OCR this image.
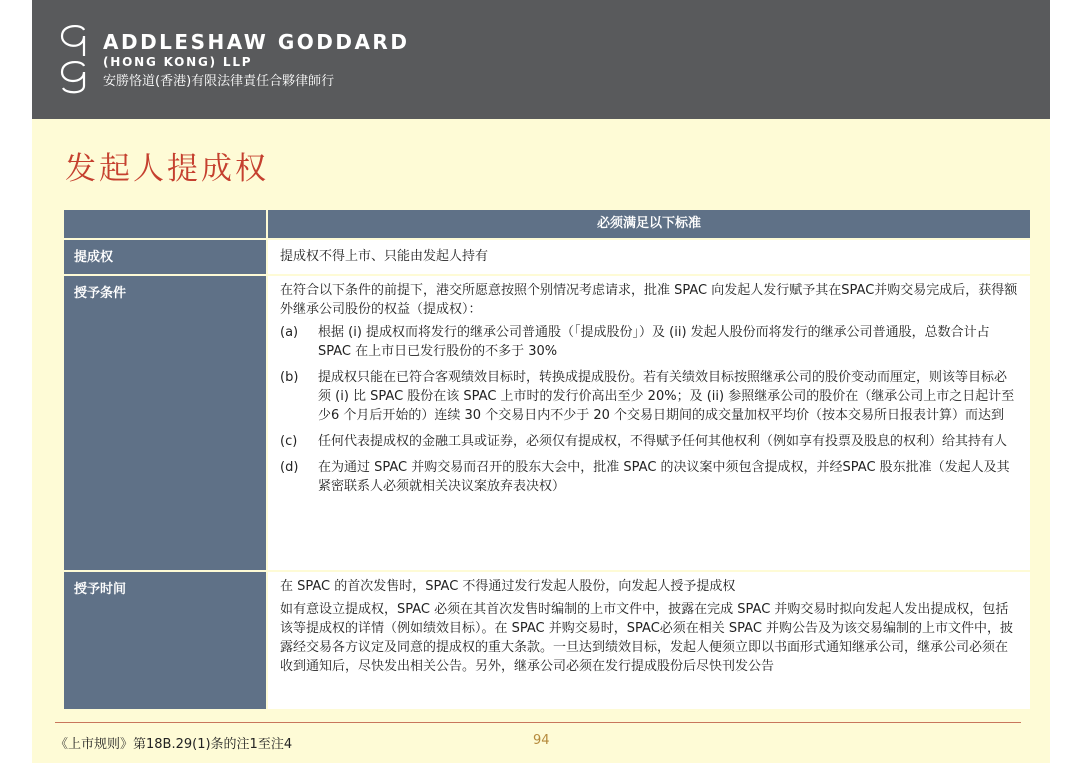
ADDLESHAW GODDARD
(HONG KONG) LLP
安勝恪道(香港)有限法律責任合夥律師行
发起人提成权
必须满足以下标准
提成权	提成权不得上市、只能由发起人持有
授予条件	在符合以下条件的前提下，港交所愿意按照个别情况考虑请求，批准 SPAC 向发起人发行赋予其在SPAC并购交易完成后，获得额外继承公司股份的权益（提成权）：

(a)	根据 (i) 提成权而将发行的继承公司普通股（「提成股份」）及 (ii) 发起人股份而将发行的继承公司普通股，总数合计占 SPAC 在上市日已发行股份的不多于 30%
(b)	提成权只能在已符合客观绩效目标时，转换成提成股份。若有关绩效目标按照继承公司的股价变动而厘定，则该等目标必须 (i) 比 SPAC 股份在该 SPAC 上市时的发行价高出至少 20%；及 (ii) 参照继承公司的股价在（继承公司上市之日起计至少6 个月后开始的）连续 30 个交易日内不少于 20 个交易日期间的成交量加权平均价（按本交易所日报表计算）而达到
(c)	任何代表提成权的金融工具或证券，必须仅有提成权，不得赋予任何其他权利（例如享有投票及股息的权利）给其持有人
(d)	在为通过 SPAC 并购交易而召开的股东大会中，批准 SPAC 的决议案中须包含提成权，并经SPAC 股东批准（发起人及其紧密联系人必须就相关决议案放弃表决权）
授予时间	在 SPAC 的首次发售时，SPAC 不得通过发行发起人股份，向发起人授予提成权

如有意设立提成权，SPAC 必须在其首次发售时编制的上市文件中，披露在完成 SPAC 并购交易时拟向发起人发出提成权，包括该等提成权的详情（例如绩效目标）。在 SPAC 并购交易时，SPAC必须在相关 SPAC 并购公告及为该交易编制的上市文件中，披露经交易各方议定及同意的提成权的重大条款。一旦达到绩效目标，发起人便须立即以书面形式通知继承公司，继承公司必须在收到通知后，尽快发出相关公告。另外，继承公司必须在发行提成股份后尽快刊发公告

《上市规则》第18B.29(1)条的注1至注4	94
